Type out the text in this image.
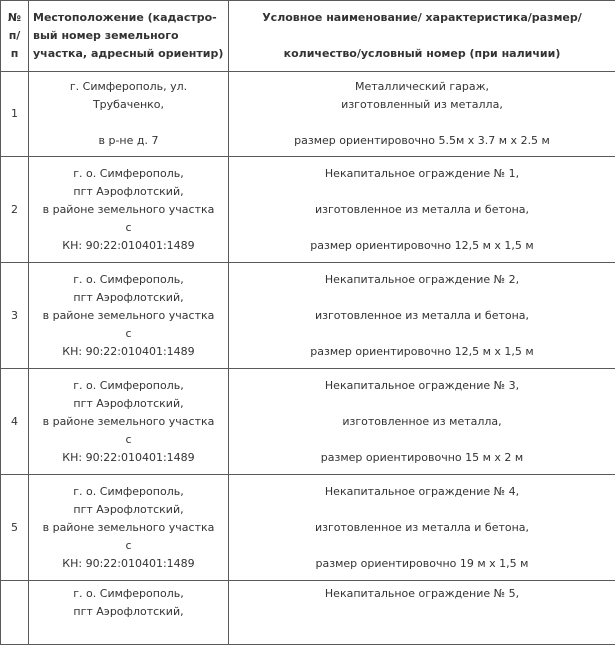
№
п/
п	Местоположение (кадастро-
вый номер земельного
участка, адресный ориентир)	Условное наименование/ характеристика/размер/
количество/условный номер (при наличии)

1	г. Симферополь, ул.
Трубаченко,
в р-не д. 7	Металлический гараж,
изготовленный из металла,
размер ориентировочно 5.5м х 3.7 м х 2.5 м

2	г. о. Симферополь,
пгт Аэрофлотский,
в районе земельного участка
с
КН: 90:22:010401:1489	Некапитальное ограждение № 1,
изготовленное из металла и бетона,
размер ориентировочно 12,5 м х 1,5 м

3	г. о. Симферополь,
пгт Аэрофлотский,
в районе земельного участка
с
КН: 90:22:010401:1489	Некапитальное ограждение № 2,
изготовленное из металла и бетона,
размер ориентировочно 12,5 м х 1,5 м

4	г. о. Симферополь,
пгт Аэрофлотский,
в районе земельного участка
с
КН: 90:22:010401:1489	Некапитальное ограждение № 3,
изготовленное из металла,
размер ориентировочно 15 м х 2 м

5	г. о. Симферополь,
пгт Аэрофлотский,
в районе земельного участка
с
КН: 90:22:010401:1489	Некапитальное ограждение № 4,
изготовленное из металла и бетона,
размер ориентировочно 19 м х 1,5 м

	г. о. Симферополь,
пгт Аэрофлотский,	Некапитальное ограждение № 5,
